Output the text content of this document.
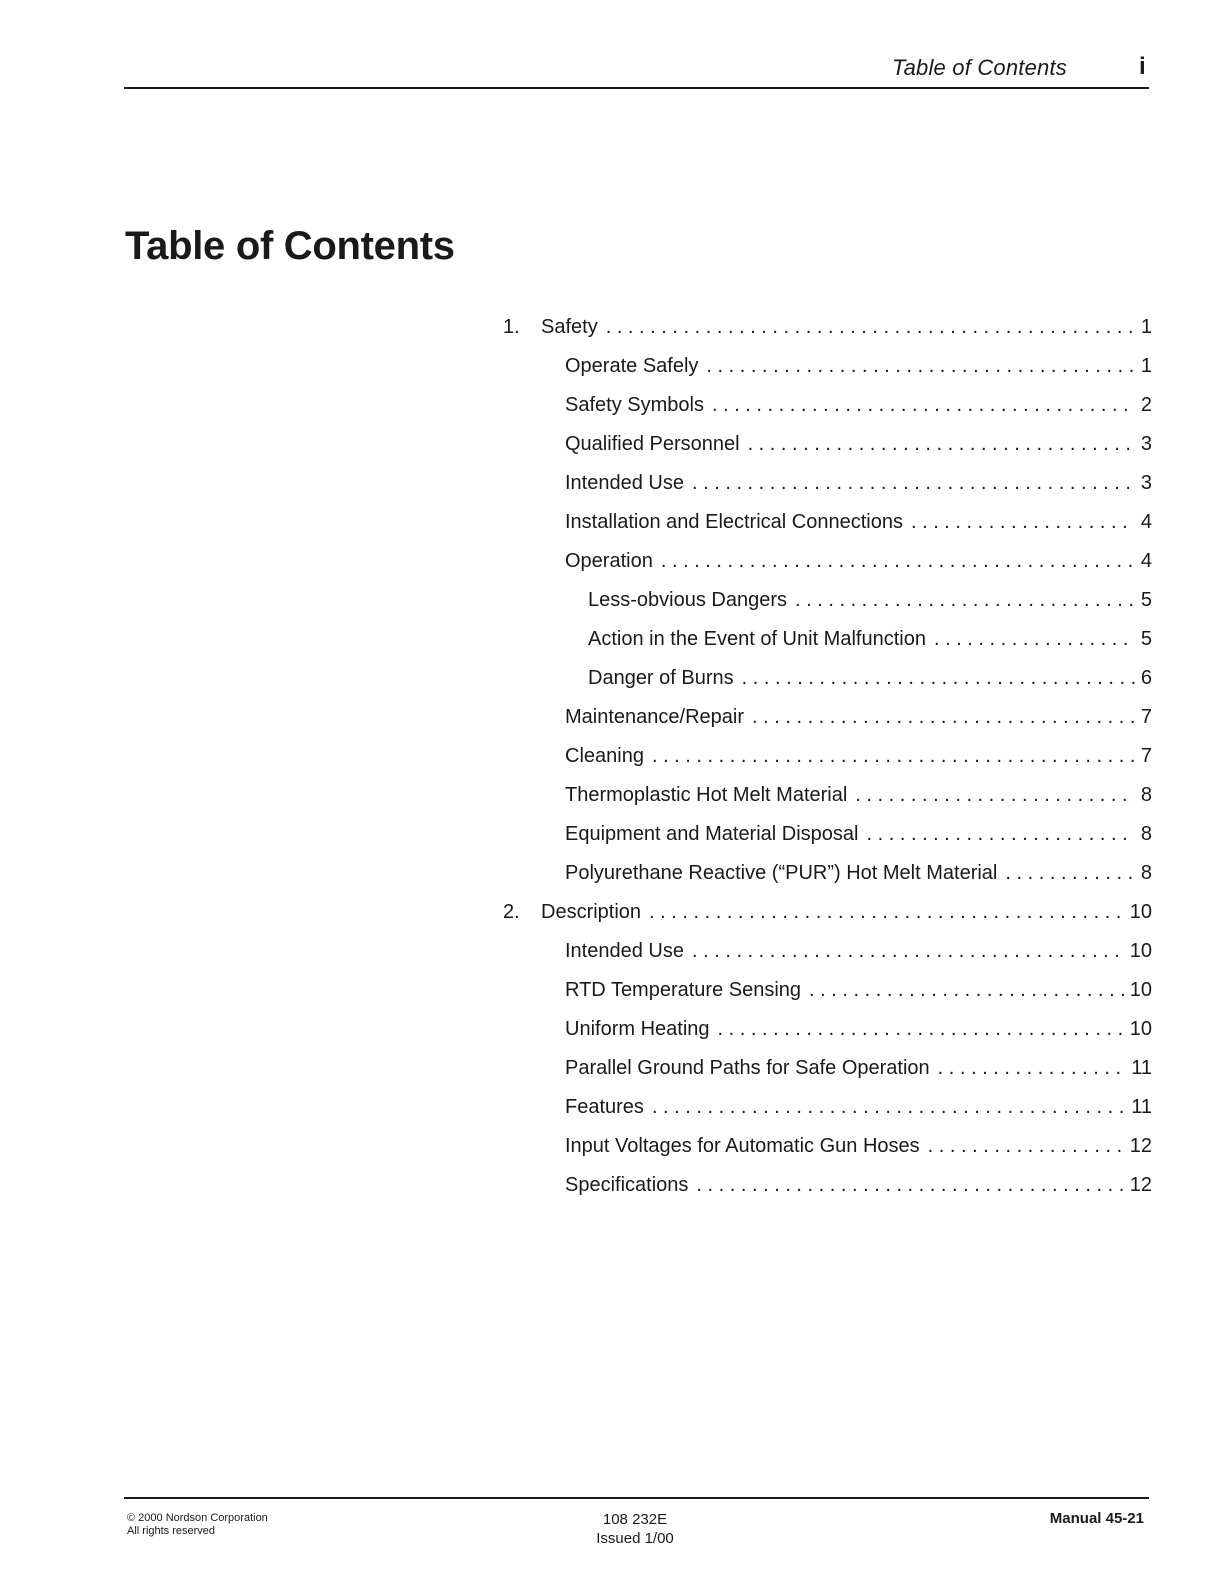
Table of Contents	i
Table of Contents
1.	Safety . . .	1
Operate Safely . . .	1
Safety Symbols . . .	2
Qualified Personnel . . .	3
Intended Use . . .	3
Installation and Electrical Connections . . .	4
Operation . . .	4
Less-obvious Dangers . . .	5
Action in the Event of Unit Malfunction . . .	5
Danger of Burns . . .	6
Maintenance/Repair . . .	7
Cleaning . . .	7
Thermoplastic Hot Melt Material . . .	8
Equipment and Material Disposal . . .	8
Polyurethane Reactive (“PUR”) Hot Melt Material . . .	8
2.	Description . . .	10
Intended Use . . .	10
RTD Temperature Sensing . . .	10
Uniform Heating . . .	10
Parallel Ground Paths for Safe Operation . . .	11
Features . . .	11
Input Voltages for Automatic Gun Hoses . . .	12
Specifications . . .	12
© 2000 Nordson Corporation
All rights reserved
108 232E
Issued 1/00
Manual 45-21
